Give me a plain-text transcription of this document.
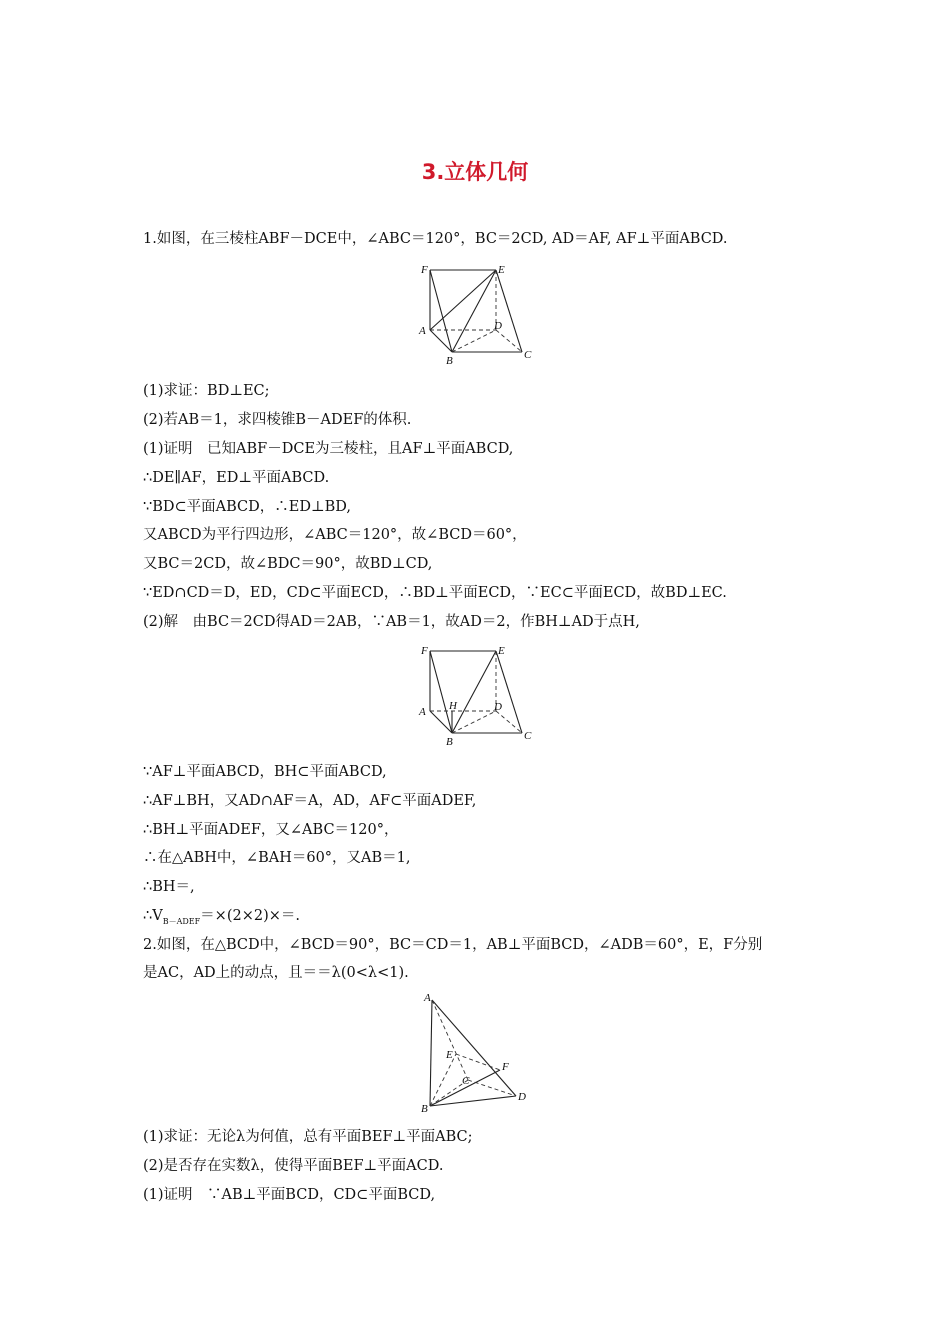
3.立体几何
1.如图，在三棱柱ABF－DCE中，∠ABC＝120°，BC＝2CD, AD＝AF, AF⊥平面ABCD.
F	E
A	D
B	C
(1)求证：BD⊥EC;
(2)若AB＝1，求四棱锥B－ADEF的体积.
(1)证明　已知ABF－DCE为三棱柱，且AF⊥平面ABCD,
∴DE∥AF，ED⊥平面ABCD.
∵BD⊂平面ABCD，∴ED⊥BD,
又ABCD为平行四边形，∠ABC＝120°，故∠BCD＝60°，
又BC＝2CD，故∠BDC＝90°，故BD⊥CD,
∵ED∩CD＝D，ED，CD⊂平面ECD，∴BD⊥平面ECD，∵EC⊂平面ECD，故BD⊥EC.
(2)解　由BC＝2CD得AD＝2AB，∵AB＝1，故AD＝2，作BH⊥AD于点H,
F	E
A H	D
B	C
∵AF⊥平面ABCD，BH⊂平面ABCD,
∴AF⊥BH，又AD∩AF＝A，AD，AF⊂平面ADEF,
∴BH⊥平面ADEF，又∠ABC＝120°，
∴在△ABH中，∠BAH＝60°，又AB＝1,
∴BH＝,
$\therefore V_{B-ADEF}=\times(2\times 2)\times=$.
2.如图，在△BCD中，∠BCD＝90°，BC＝CD＝1，AB⊥平面BCD，∠ADB＝60°，E，F分别
是AC，AD上的动点，且＝＝λ(0<λ<1).
A
E
F
C
B
D
(1)求证：无论λ为何值，总有平面BEF⊥平面ABC;
(2)是否存在实数λ，使得平面BEF⊥平面ACD.
(1)证明　∵AB⊥平面BCD，CD⊂平面BCD,
